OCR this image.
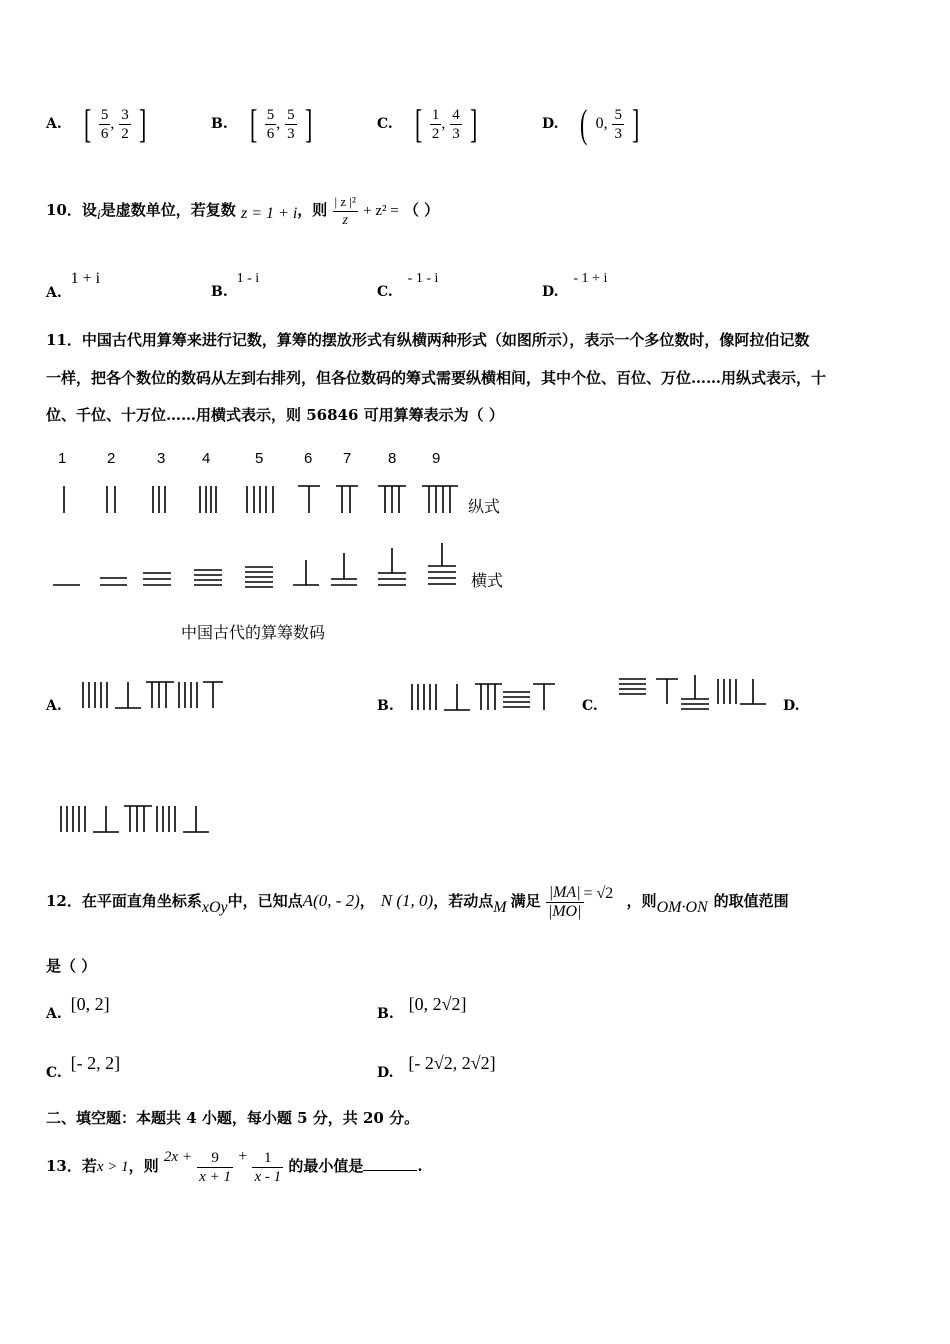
A. [ $\frac{5}{6}$ , $\frac{3}{2}$ ]	B. [ $\frac{5}{6}$ , $\frac{5}{3}$ ]	C. [ $\frac{1}{2}$ , $\frac{4}{3}$ ]	D. ( 0, $\frac{5}{3}$ ]
10．设i是虚数单位，若复数 z = 1 + i，则 $\frac{\text{| z |²}}{z} + z^2$ = （ ）
A. 1 + i
B. 1 - i
C. - 1 - i
D. - 1 + i
11．中国古代用算筹来进行记数，算筹的摆放形式有纵横两种形式（如图所示），表示一个多位数时，像阿拉伯记数
一样，把各个数位的数码从左到右排列，但各位数码的筹式需要纵横相间，其中个位、百位、万位……用纵式表示，十
位、千位、十万位……用横式表示，则 56846 可用算筹表示为（ ）
1	2	3 4	5	6 7 8 9
纵式
横式
中国古代的算筹数码
A.	B.	C.	D.
12．在平面直角坐标系xOy中，已知点A(0, - 2)， N (1, 0)，若动点M 满足 $\frac{|MA|}{|MO|} = √2$ ，则OM·ON 的取值范围
是（ ）
A. [0, 2]	B. [0, 2√2]
C. [- 2, 2]	D. [- 2√2, 2√2]
二、填空题：本题共 4 小题，每小题 5 分，共 20 分。
13．若x > 1，则 $2x + \frac{9}{x + 1} + \frac{1}{x - 1}$ 的最小值是	.
